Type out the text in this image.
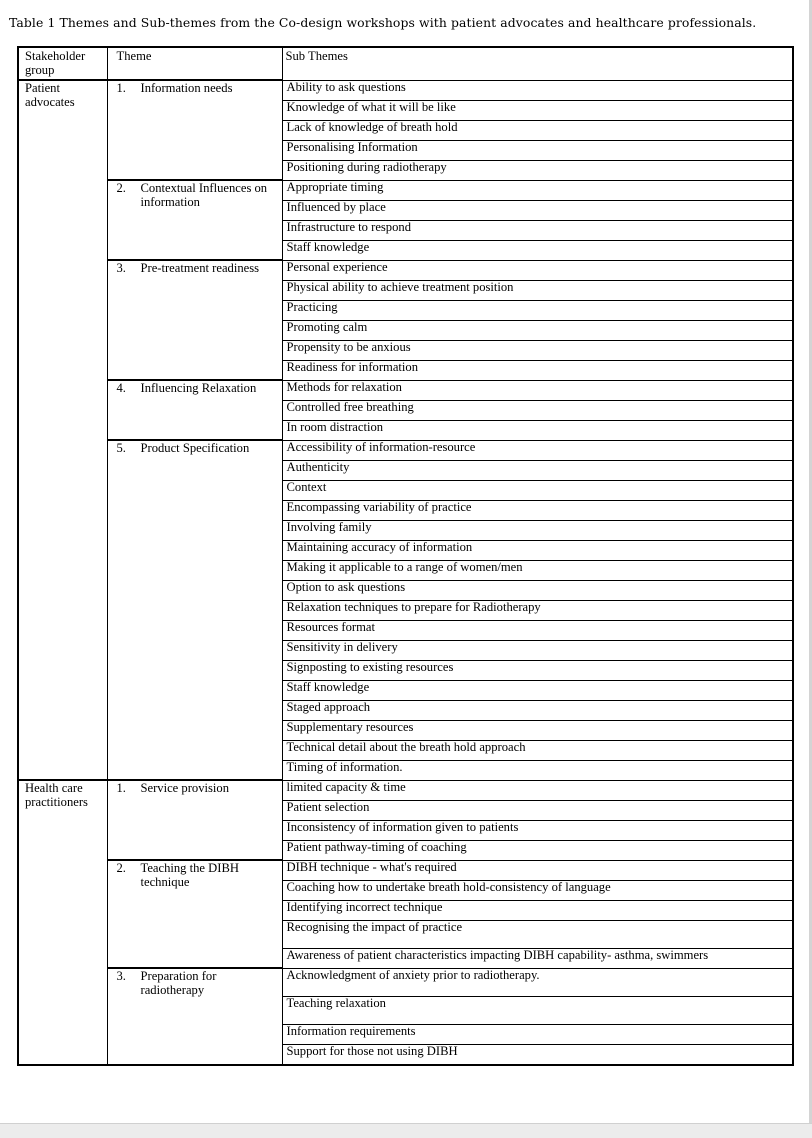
Table 1 Themes and Sub-themes from the Co-design workshops with patient advocates and healthcare professionals.
Stakeholder group	Theme	Sub Themes
Patient advocates	1. Information needs	Ability to ask questions
		Knowledge of what it will be like
		Lack of knowledge of breath hold
		Personalising Information
		Positioning during radiotherapy
	2. Contextual Influences on information	Appropriate timing
		Influenced by place
		Infrastructure to respond
		Staff knowledge
	3. Pre-treatment readiness	Personal experience
		Physical ability to achieve treatment position
		Practicing
		Promoting calm
		Propensity to be anxious
		Readiness for information
	4. Influencing Relaxation	Methods for relaxation
		Controlled free breathing
		In room distraction
	5. Product Specification	Accessibility of information-resource
		Authenticity
		Context
		Encompassing variability of practice
		Involving family
		Maintaining accuracy of information
		Making it applicable to a range of women/men
		Option to ask questions
		Relaxation techniques to prepare for Radiotherapy
		Resources format
		Sensitivity in delivery
		Signposting to existing resources
		Staff knowledge
		Staged approach
		Supplementary resources
		Technical detail about the breath hold approach
		Timing of information.
Health care practitioners	1. Service provision	limited capacity & time
		Patient selection
		Inconsistency of information given to patients
		Patient pathway-timing of coaching
	2. Teaching the DIBH technique	DIBH technique - what's required
		Coaching how to undertake breath hold-consistency of language
		Identifying incorrect technique
		Recognising the impact of practice
		Awareness of patient characteristics impacting DIBH capability- asthma, swimmers
	3. Preparation for radiotherapy	Acknowledgment of anxiety prior to radiotherapy.
		Teaching relaxation
		Information requirements
		Support for those not using DIBH
